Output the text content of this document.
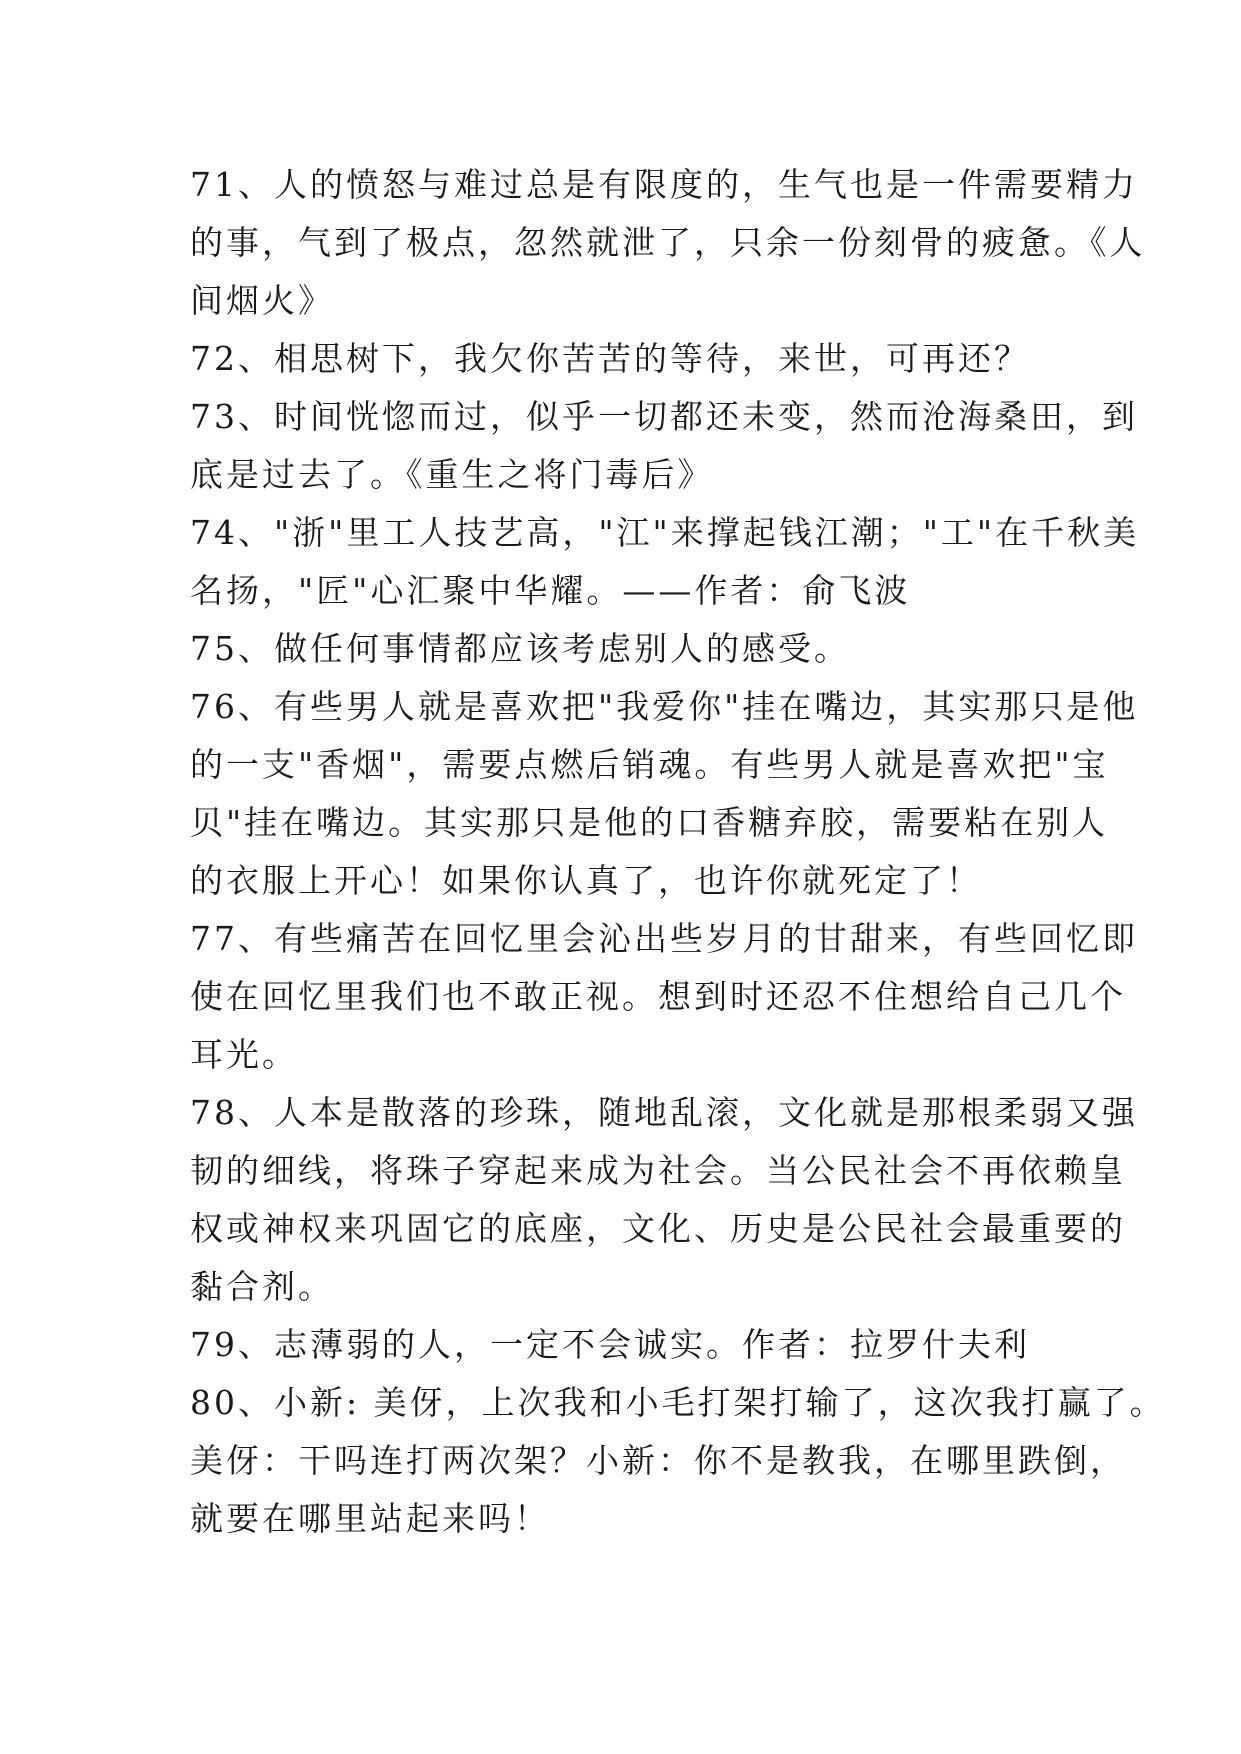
71、人的愤怒与难过总是有限度的，生气也是一件需要精力
的事，气到了极点，忽然就泄了，只余一份刻骨的疲惫。《人
间烟火》
72、相思树下，我欠你苦苦的等待，来世，可再还？
73、时间恍惚而过，似乎一切都还未变，然而沧海桑田，到
底是过去了。《重生之将门毒后》
74、"浙"里工人技艺高，"江"来撑起钱江潮；"工"在千秋美
名扬，"匠"心汇聚中华耀。——作者：俞飞波
75、做任何事情都应该考虑别人的感受。
76、有些男人就是喜欢把"我爱你"挂在嘴边，其实那只是他
的一支"香烟"，需要点燃后销魂。有些男人就是喜欢把"宝
贝"挂在嘴边。其实那只是他的口香糖弃胶，需要粘在别人
的衣服上开心！如果你认真了，也许你就死定了！
77、有些痛苦在回忆里会沁出些岁月的甘甜来，有些回忆即
使在回忆里我们也不敢正视。想到时还忍不住想给自己几个
耳光。
78、人本是散落的珍珠，随地乱滚，文化就是那根柔弱又强
韧的细线，将珠子穿起来成为社会。当公民社会不再依赖皇
权或神权来巩固它的底座，文化、历史是公民社会最重要的
黏合剂。
79、志薄弱的人，一定不会诚实。作者：拉罗什夫利
80、小新: 美伢，上次我和小毛打架打输了，这次我打赢了。
美伢：干吗连打两次架？小新：你不是教我，在哪里跌倒，
就要在哪里站起来吗！
